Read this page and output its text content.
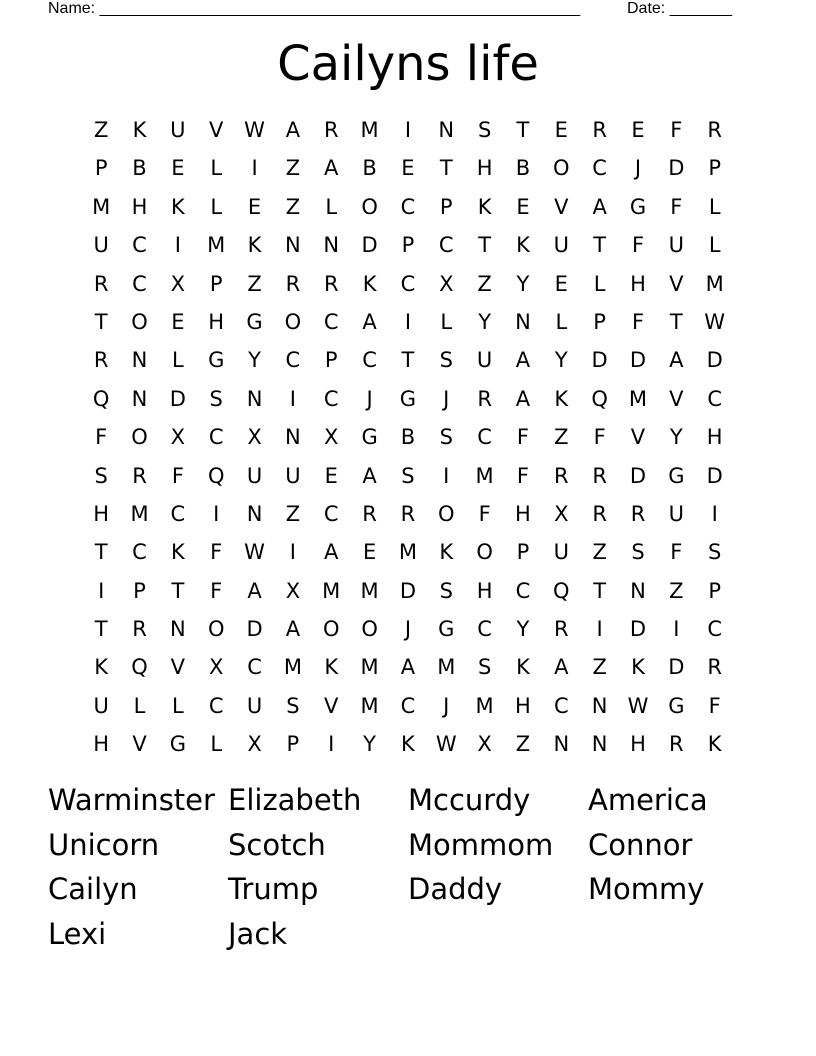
Name: ______________________________________________________	Date: _______
Cailyns life
Z	K	U	V W A	R	M	I	N	S	T	E	R	E	F	R
P	B	E	L	I	Z	A	B	E	T	H	B	O	C	J	D	P
M	H	K	L	E	Z	L	O	C	P	K	E	V	A	G	F	L
U	C	I	M	K	N	N	D	P	C	T	K	U	T	F	U	L
R	C	X	P	Z	R	R	K	C	X	Z	Y	E	L	H	V	M
T	O	E	H	G	O	C	A	I	L	Y	N	L	P	F	T	W
R	N	L	G	Y	C	P	C	T	S	U	A	Y	D	D	A	D
Q	N	D	S	N	I	C	J	G	J	R	A	K	Q	M	V	C
F	O	X	C	X	N	X	G	B	S	C	F	Z	F	V	Y	H
S	R	F	Q	U	U	E	A	S	I	M	F	R	R	D	G	D
H	M	C	I	N	Z	C	R	R	O	F	H	X	R	R	U	I
T	C	K	F	W	I	A	E	M	K	O	P	U	Z	S	F	S
I	P	T	F	A	X	M M	D	S	H	C	Q	T	N	Z	P
T	R	N	O	D	A	O	O	J	G	C	Y	R	I	D	I	C
K	Q	V	X	C	M	K	M	A	M	S	K	A	Z	K	D	R
U	L	L	C	U	S	V	M	C	J	M	H	C	N W G	F
H	V	G	L	X	P	I	Y	K	W X	Z	N	N	H	R	K
Warminster Elizabeth	Mccurdy	America
Unicorn	Scotch	Mommom	Connor
Cailyn	Trump	Daddy	Mommy
Lexi	Jack
